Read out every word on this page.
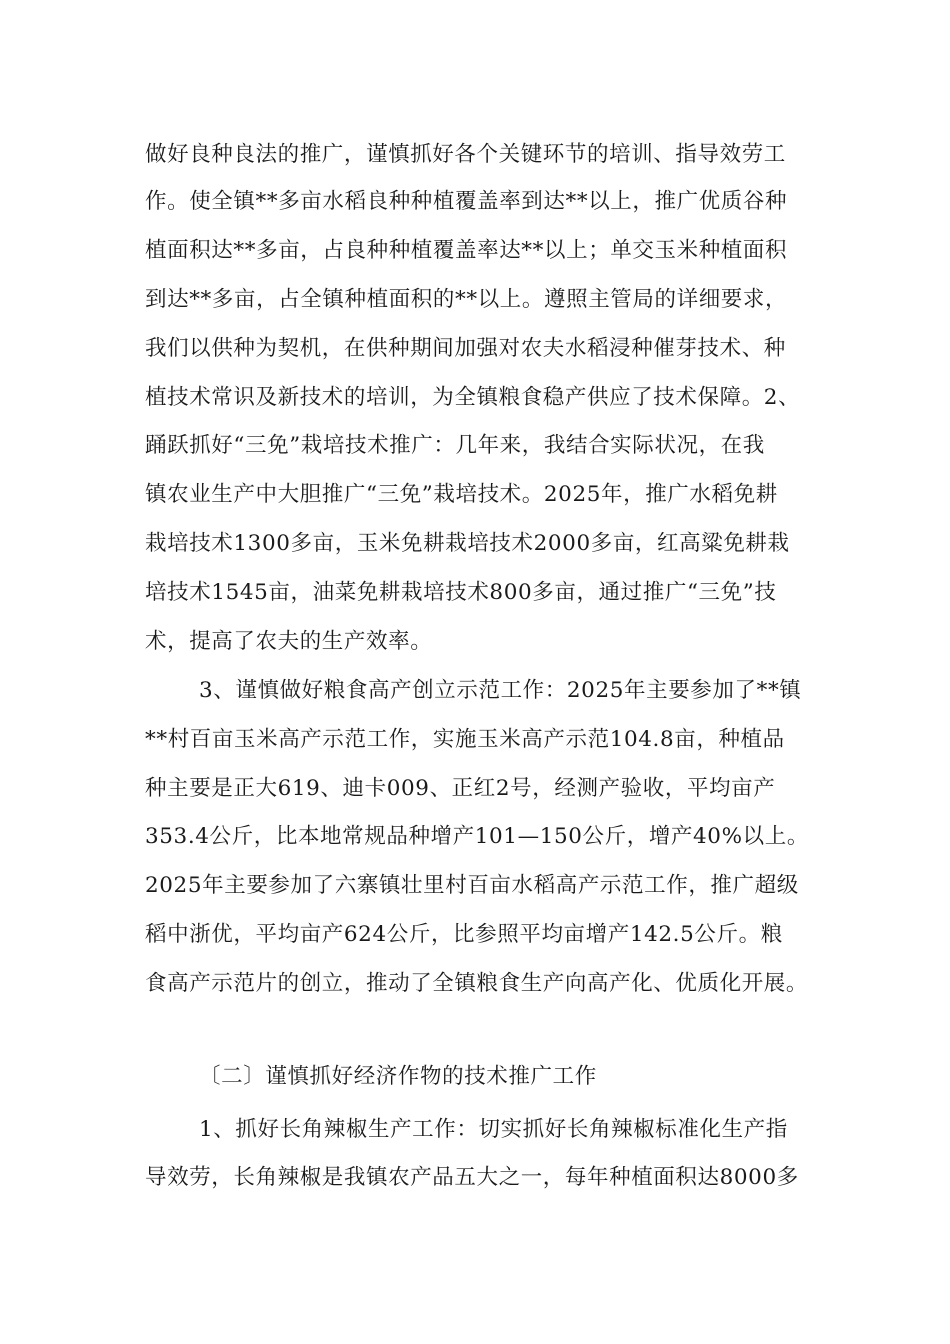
做好良种良法的推广，谨慎抓好各个关键环节的培训、指导效劳工
作。使全镇**多亩水稻良种种植覆盖率到达**以上，推广优质谷种
植面积达**多亩，占良种种植覆盖率达**以上；单交玉米种植面积
到达**多亩，占全镇种植面积的**以上。遵照主管局的详细要求，
我们以供种为契机，在供种期间加强对农夫水稻浸种催芽技术、种
植技术常识及新技术的培训，为全镇粮食稳产供应了技术保障。2、
踊跃抓好“三免”栽培技术推广：几年来，我结合实际状况，在我
镇农业生产中大胆推广“三免”栽培技术。2025年，推广水稻免耕
栽培技术1300多亩，玉米免耕栽培技术2000多亩，红高粱免耕栽
培技术1545亩，油菜免耕栽培技术800多亩，通过推广“三免”技
术，提高了农夫的生产效率。
3、谨慎做好粮食高产创立示范工作：2025年主要参加了**镇
**村百亩玉米高产示范工作，实施玉米高产示范104.8亩，种植品
种主要是正大619、迪卡009、正红2号，经测产验收，平均亩产
353.4公斤，比本地常规品种增产101—150公斤，增产40%以上。
2025年主要参加了六寨镇壮里村百亩水稻高产示范工作，推广超级
稻中浙优，平均亩产624公斤，比参照平均亩增产142.5公斤。粮
食高产示范片的创立，推动了全镇粮食生产向高产化、优质化开展。
〔二〕谨慎抓好经济作物的技术推广工作
1、抓好长角辣椒生产工作：切实抓好长角辣椒标准化生产指
导效劳，长角辣椒是我镇农产品五大之一，每年种植面积达8000多
